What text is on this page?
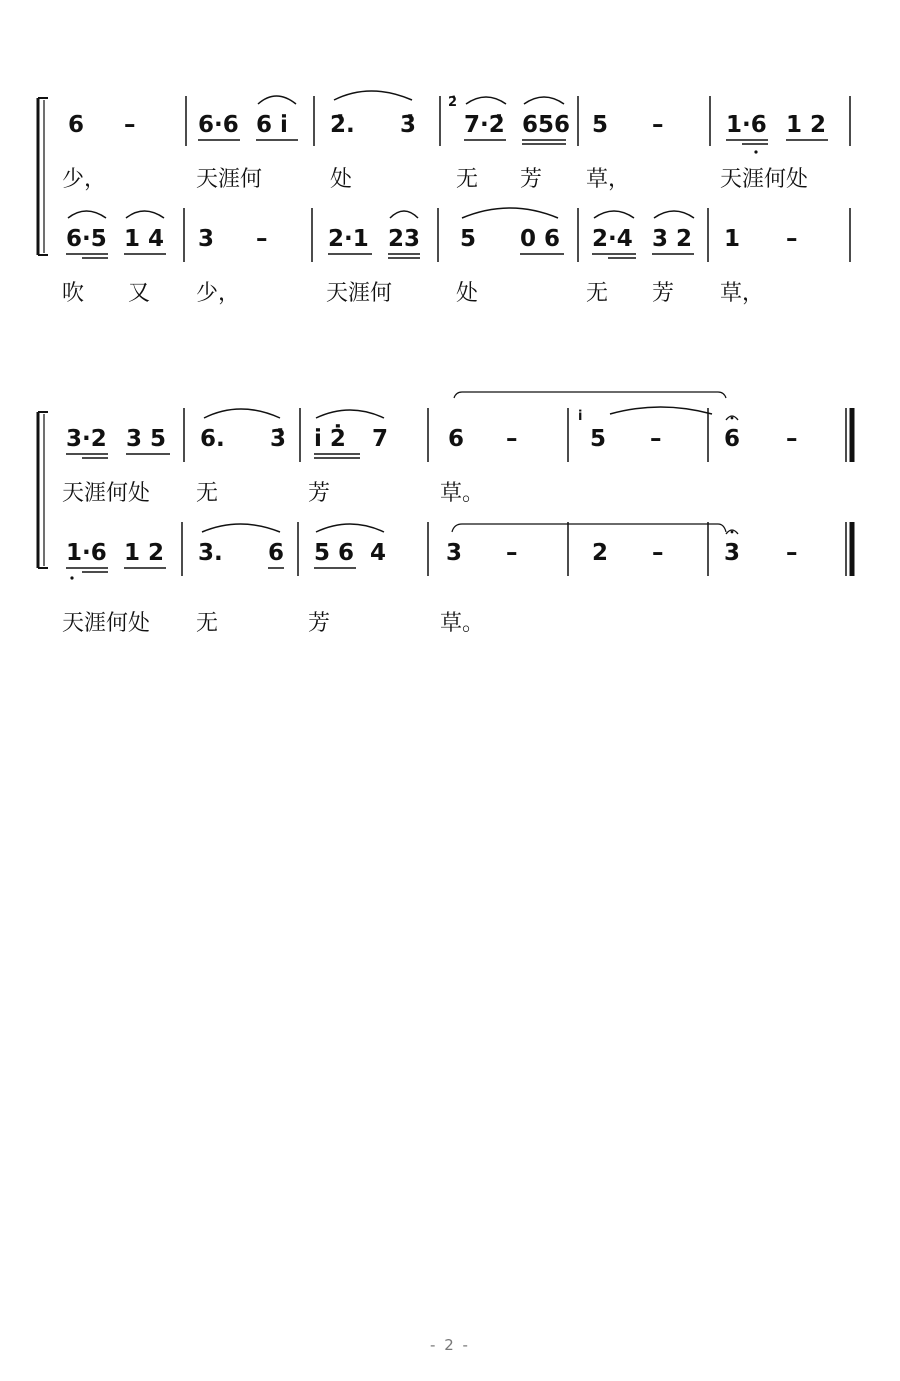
6 –	6·6 6 i̇ 2̇. 3̇
2̇
7·2̇ 656 5 –	1·6 1 2
少，	天涯何	处	无 芳 草，	天涯何处
6·5 1 4 3 –	2·1 23 5 0 6 2·4 3 2 1 –
吹 又 少，	天涯何	处	无 芳 草，
3·2 3 5 6. 3̇ i̇ 2̇ 7	6 –
i̇
5 –	6 –
天涯何处 无	芳	草。
1·6 1 2 3. 6 5 6 4	3 –	2 –	3 –
天涯何处 无	芳	草。
- 2 -
